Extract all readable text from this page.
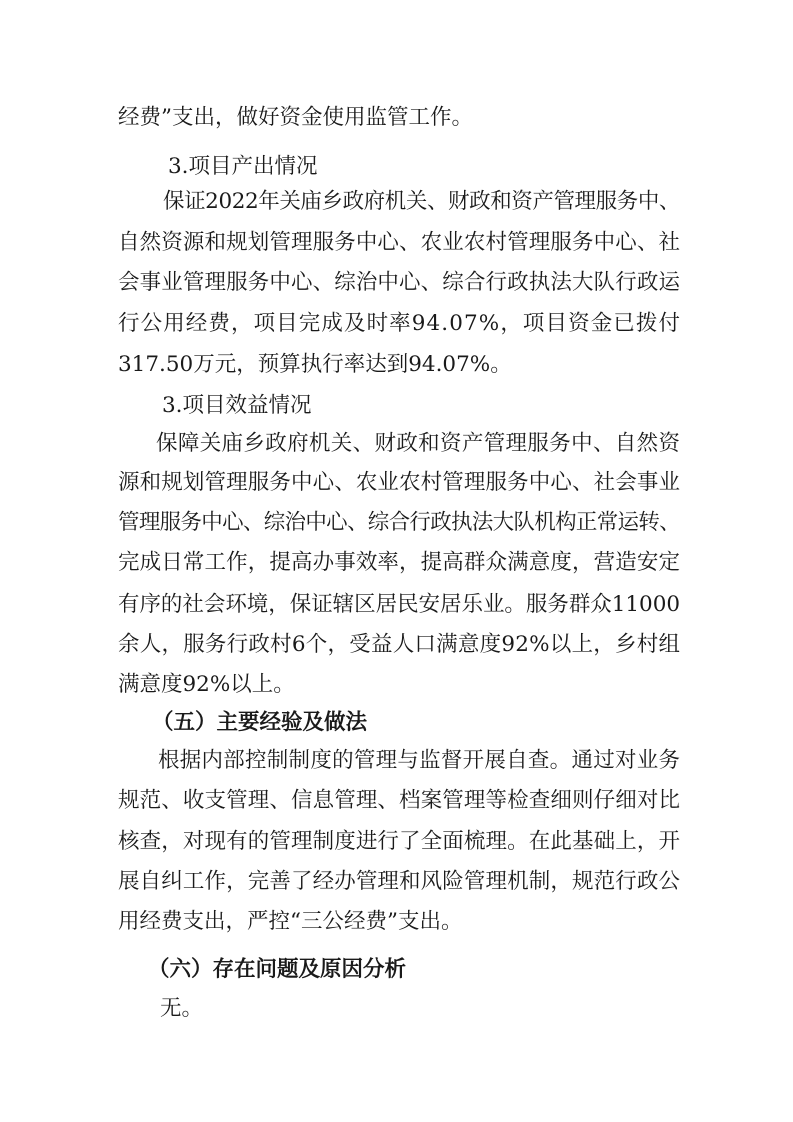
经费”支出，做好资金使用监管工作。
3.项目产出情况
保证2022年关庙乡政府机关、财政和资产管理服务中、
自然资源和规划管理服务中心、农业农村管理服务中心、社
会事业管理服务中心、综治中心、综合行政执法大队行政运
行公用经费，项目完成及时率94.07%，项目资金已拨付
317.50万元，预算执行率达到94.07%。
3.项目效益情况
保障关庙乡政府机关、财政和资产管理服务中、自然资
源和规划管理服务中心、农业农村管理服务中心、社会事业
管理服务中心、综治中心、综合行政执法大队机构正常运转、
完成日常工作，提高办事效率，提高群众满意度，营造安定
有序的社会环境，保证辖区居民安居乐业。服务群众11000
余人，服务行政村6个，受益人口满意度92%以上，乡村组
满意度92%以上。
（五）主要经验及做法
根据内部控制制度的管理与监督开展自查。通过对业务
规范、收支管理、信息管理、档案管理等检查细则仔细对比
核查，对现有的管理制度进行了全面梳理。在此基础上，开
展自纠工作，完善了经办管理和风险管理机制，规范行政公
用经费支出，严控“三公经费”支出。
（六）存在问题及原因分析
无。
